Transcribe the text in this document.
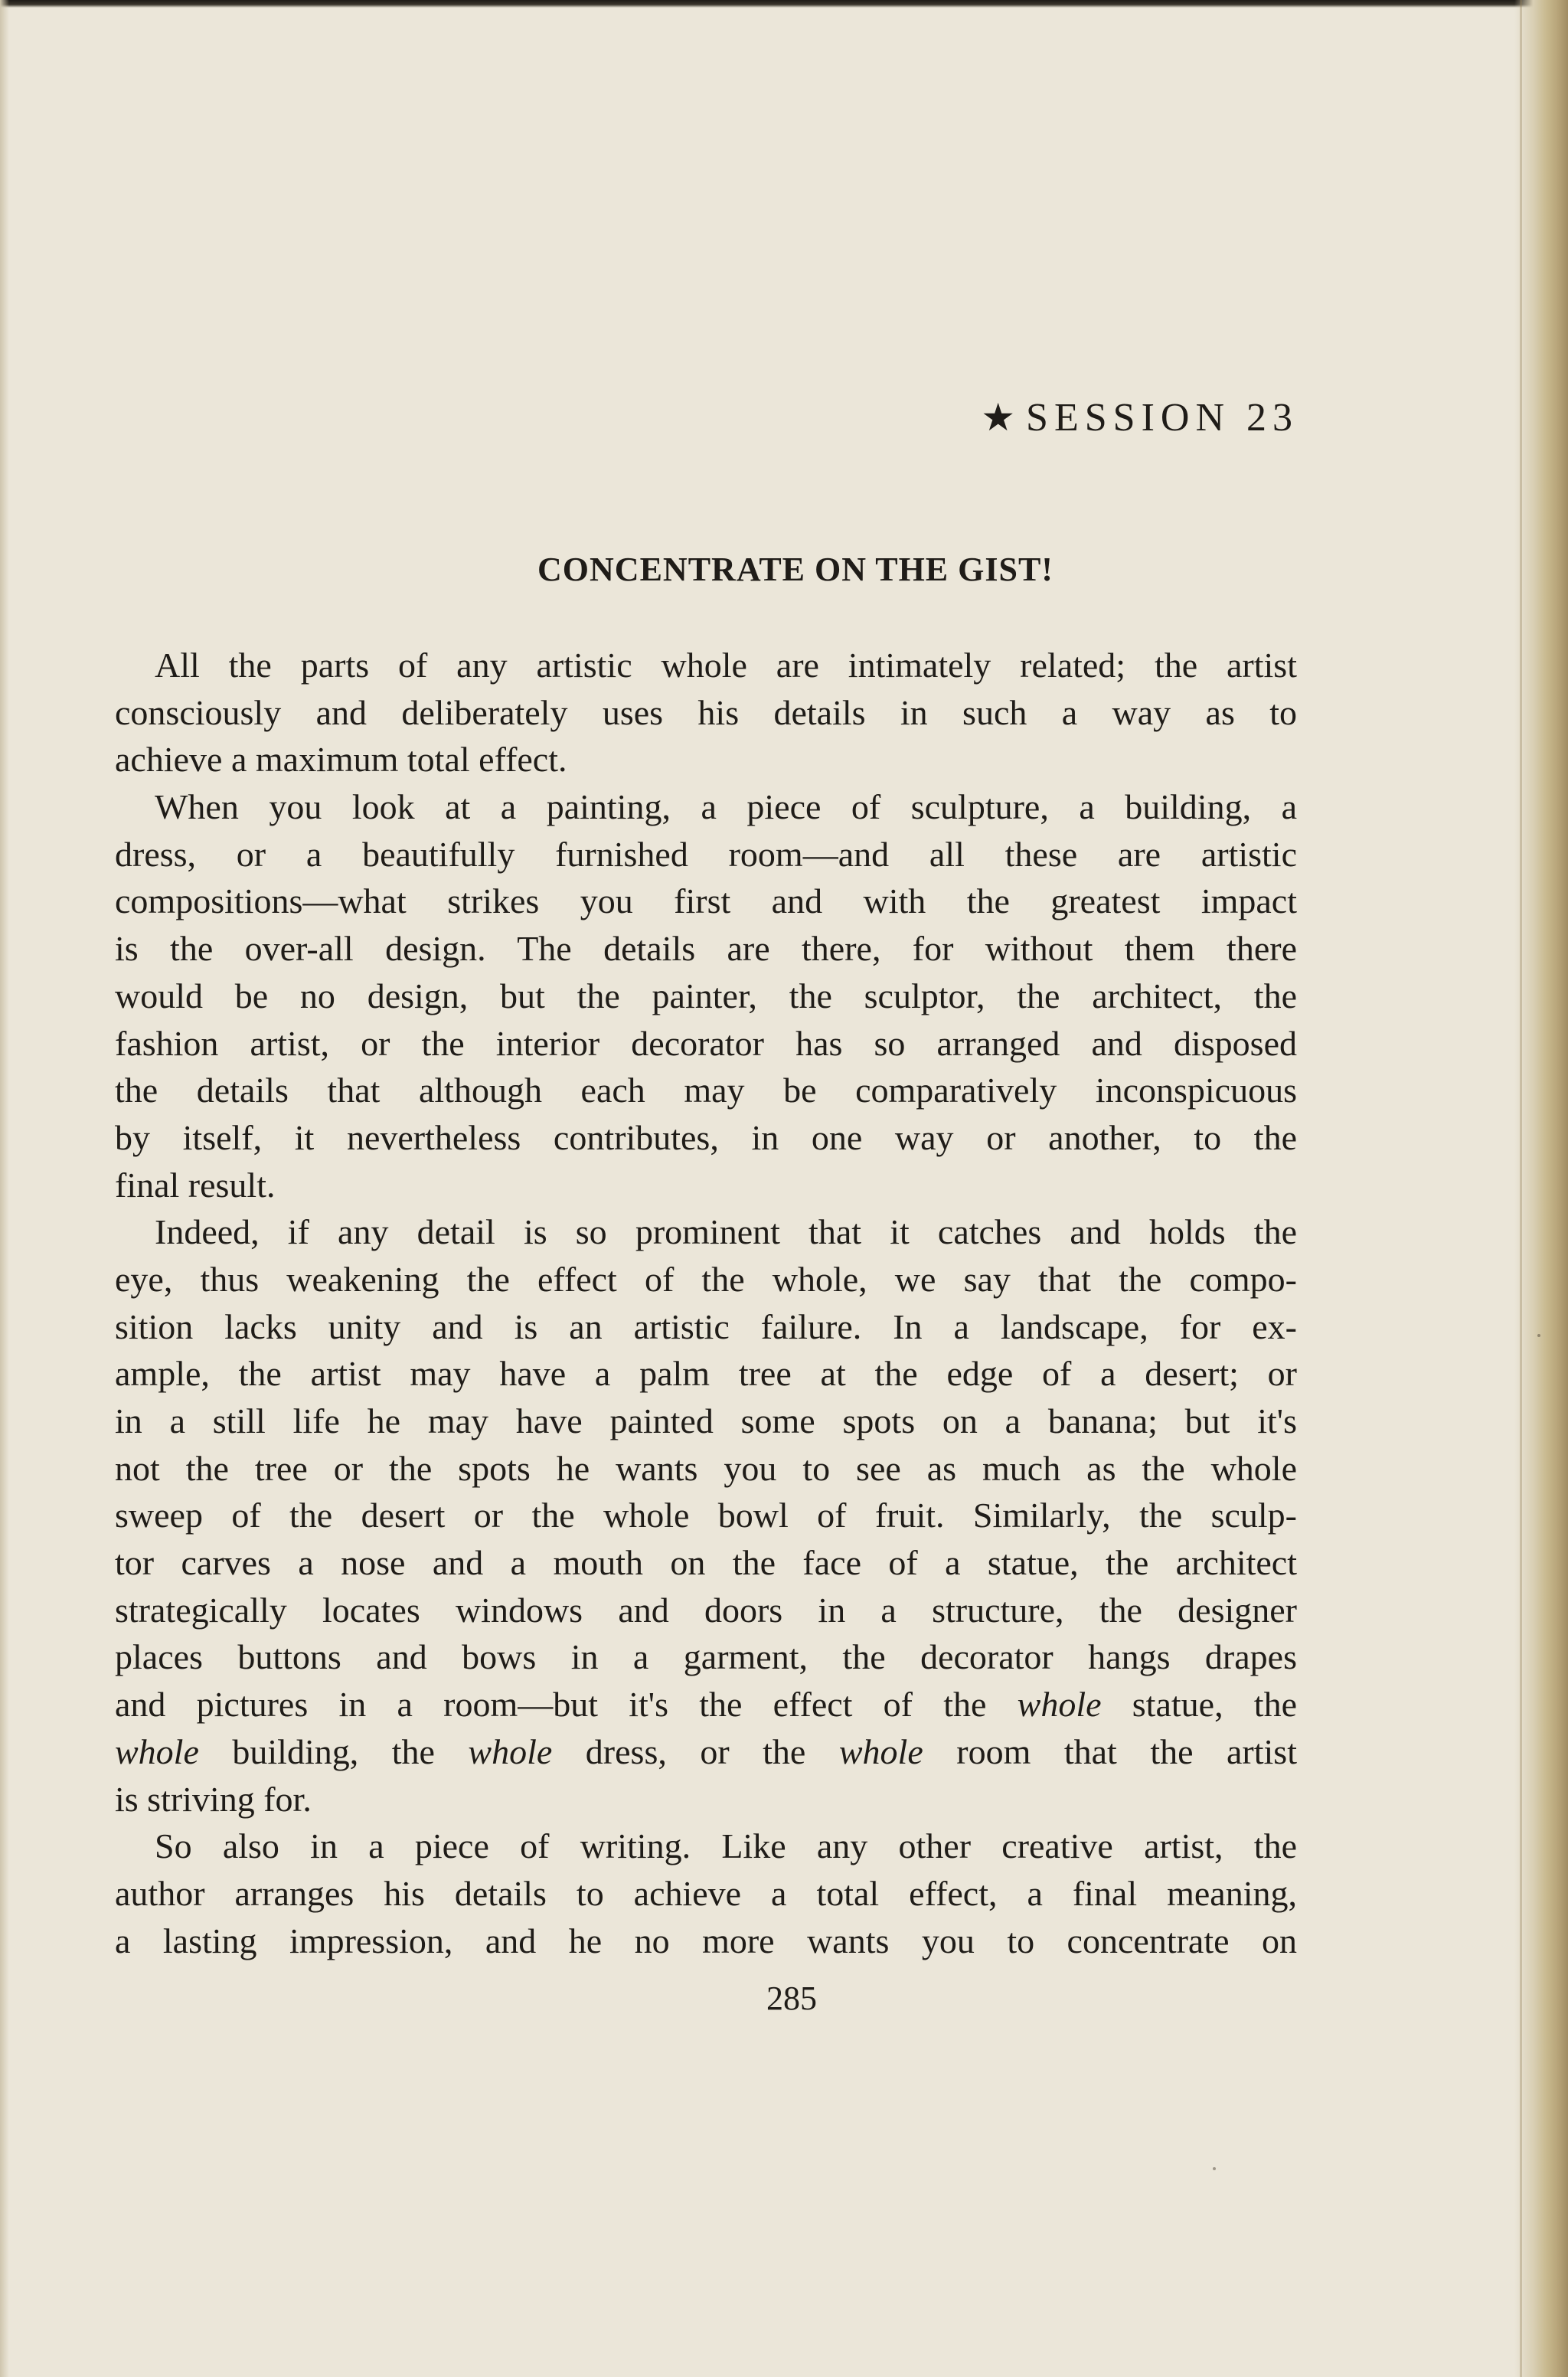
★ SESSION 23
CONCENTRATE ON THE GIST!
All the parts of any artistic whole are intimately related; the artist
consciously and deliberately uses his details in such a way as to
achieve a maximum total effect.
When you look at a painting, a piece of sculpture, a building, a
dress, or a beautifully furnished room—and all these are artistic
compositions—what strikes you first and with the greatest impact
is the over-all design. The details are there, for without them there
would be no design, but the painter, the sculptor, the architect, the
fashion artist, or the interior decorator has so arranged and disposed
the details that although each may be comparatively inconspicuous
by itself, it nevertheless contributes, in one way or another, to the
final result.
Indeed, if any detail is so prominent that it catches and holds the
eye, thus weakening the effect of the whole, we say that the compo-
sition lacks unity and is an artistic failure. In a landscape, for ex-
ample, the artist may have a palm tree at the edge of a desert; or
in a still life he may have painted some spots on a banana; but it's
not the tree or the spots he wants you to see as much as the whole
sweep of the desert or the whole bowl of fruit. Similarly, the sculp-
tor carves a nose and a mouth on the face of a statue, the architect
strategically locates windows and doors in a structure, the designer
places buttons and bows in a garment, the decorator hangs drapes
and pictures in a room—but it's the effect of the whole statue, the
whole building, the whole dress, or the whole room that the artist
is striving for.
So also in a piece of writing. Like any other creative artist, the
author arranges his details to achieve a total effect, a final meaning,
a lasting impression, and he no more wants you to concentrate on
285
